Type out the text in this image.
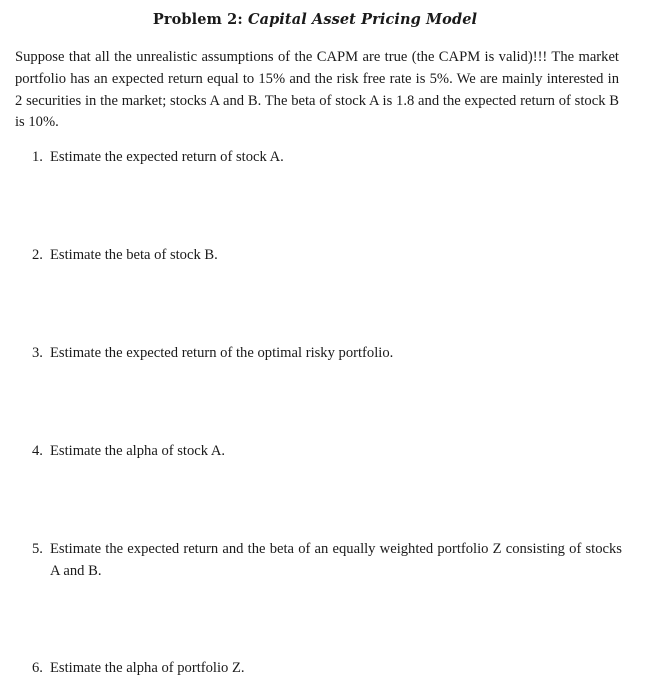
Problem 2: Capital Asset Pricing Model

Suppose that all the unrealistic assumptions of the CAPM are true (the CAPM is valid)!!! The market portfolio has an expected return equal to 15% and the risk free rate is 5%. We are mainly interested in 2 securities in the market; stocks A and B. The beta of stock A is 1.8 and the expected return of stock B is 10%.

1. Estimate the expected return of stock A.
2. Estimate the beta of stock B.
3. Estimate the expected return of the optimal risky portfolio.
4. Estimate the alpha of stock A.
5. Estimate the expected return and the beta of an equally weighted portfolio Z consisting of stocks A and B.
6. Estimate the alpha of portfolio Z.
